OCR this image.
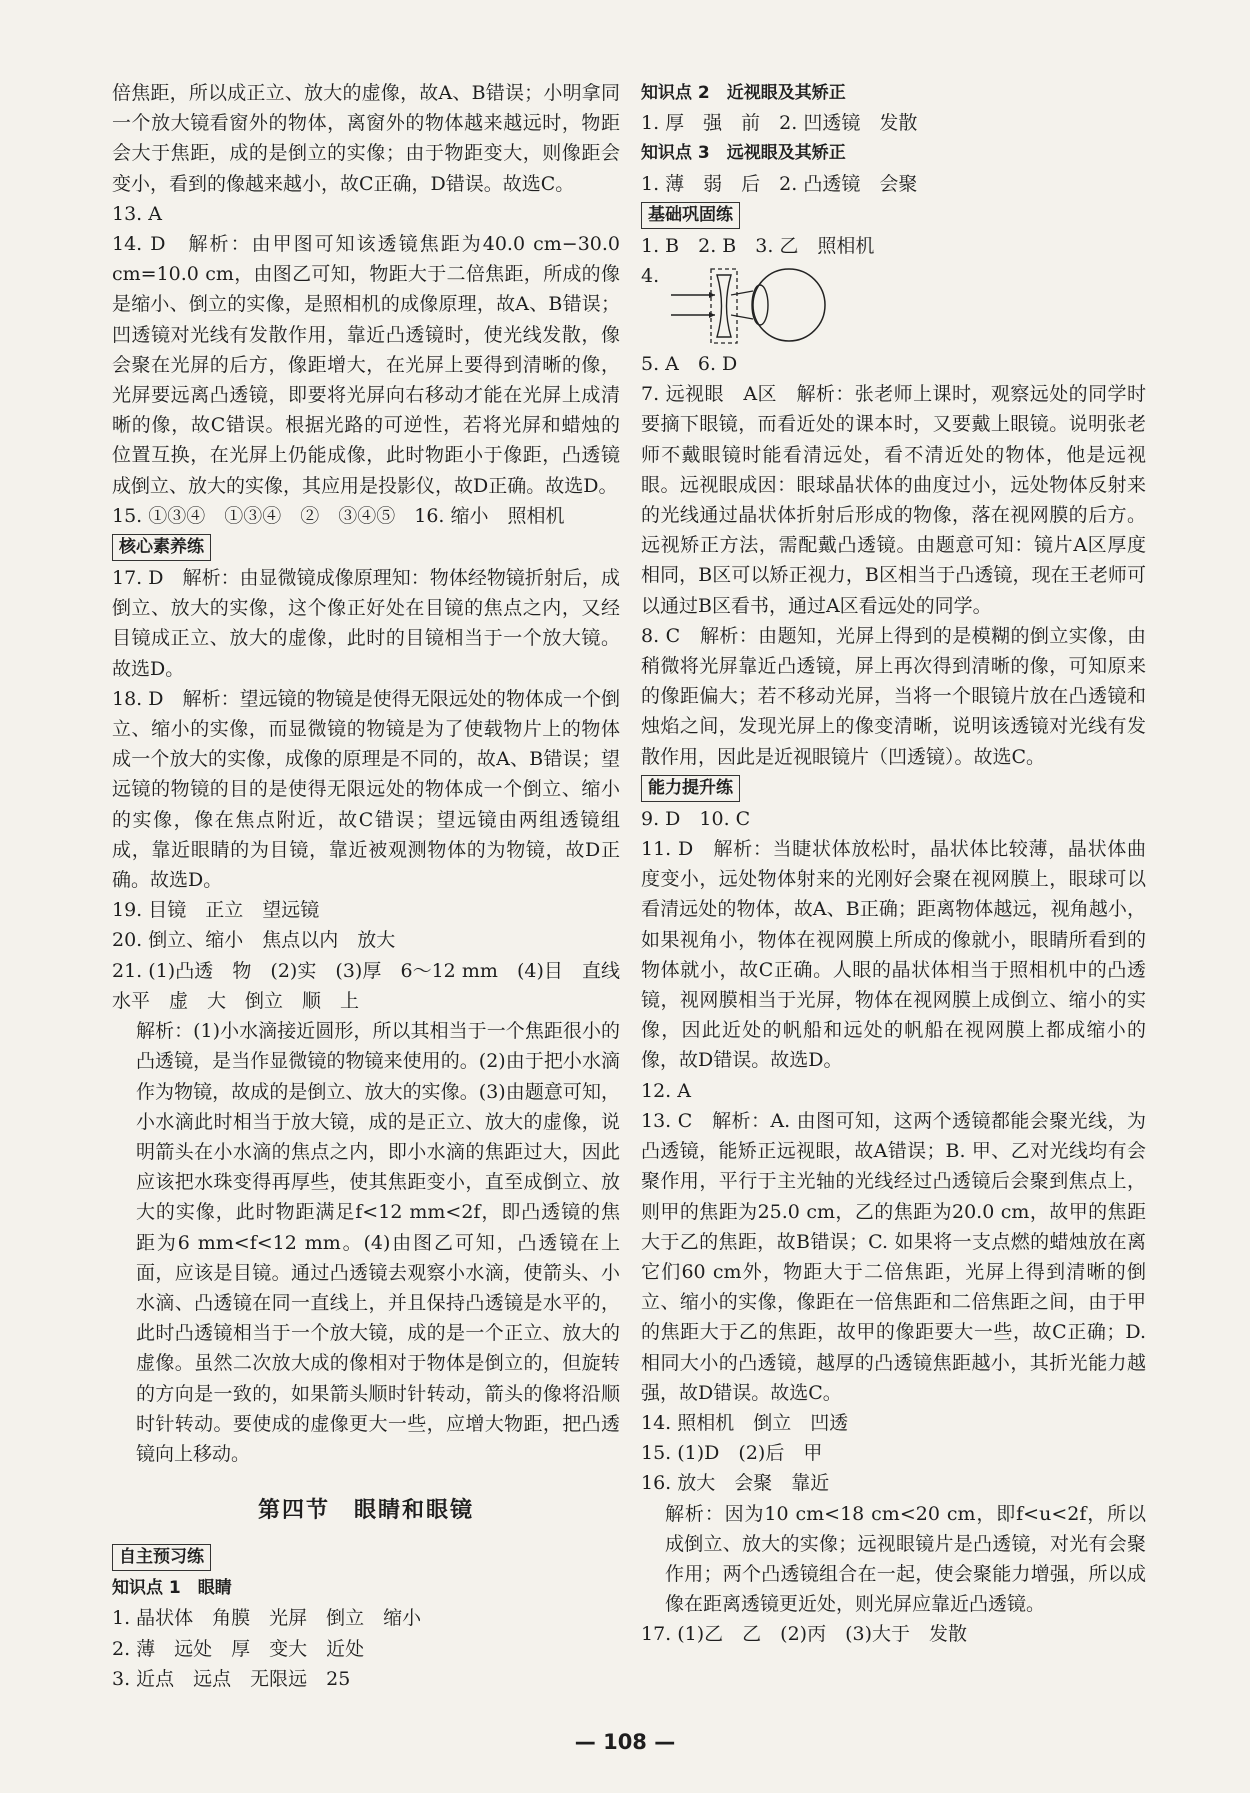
倍焦距，所以成正立、放大的虚像，故A、B错误；小明拿同一个放大镜看窗外的物体，离窗外的物体越来越远时，物距会大于焦距，成的是倒立的实像；由于物距变大，则像距会变小，看到的像越来越小，故C正确，D错误。故选C。

13. A

14. D　解析：由甲图可知该透镜焦距为40.0 cm−30.0 cm=10.0 cm，由图乙可知，物距大于二倍焦距，所成的像是缩小、倒立的实像，是照相机的成像原理，故A、B错误；凹透镜对光线有发散作用，靠近凸透镜时，使光线发散，像会聚在光屏的后方，像距增大，在光屏上要得到清晰的像，光屏要远离凸透镜，即要将光屏向右移动才能在光屏上成清晰的像，故C错误。根据光路的可逆性，若将光屏和蜡烛的位置互换，在光屏上仍能成像，此时物距小于像距，凸透镜成倒立、放大的实像，其应用是投影仪，故D正确。故选D。

15. ①③④　①③④　②　③④⑤　16. 缩小　照相机

核心素养练

17. D　解析：由显微镜成像原理知：物体经物镜折射后，成倒立、放大的实像，这个像正好处在目镜的焦点之内，又经目镜成正立、放大的虚像，此时的目镜相当于一个放大镜。故选D。

18. D　解析：望远镜的物镜是使得无限远处的物体成一个倒立、缩小的实像，而显微镜的物镜是为了使载物片上的物体成一个放大的实像，成像的原理是不同的，故A、B错误；望远镜的物镜的目的是使得无限远处的物体成一个倒立、缩小的实像，像在焦点附近，故C错误；望远镜由两组透镜组成，靠近眼睛的为目镜，靠近被观测物体的为物镜，故D正确。故选D。

19. 目镜　正立　望远镜

20. 倒立、缩小　焦点以内　放大

21. (1)凸透　物　(2)实　(3)厚　6～12 mm　(4)目　直线　水平　虚　大　倒立　顺　上

解析：(1)小水滴接近圆形，所以其相当于一个焦距很小的凸透镜，是当作显微镜的物镜来使用的。(2)由于把小水滴作为物镜，故成的是倒立、放大的实像。(3)由题意可知，小水滴此时相当于放大镜，成的是正立、放大的虚像，说明箭头在小水滴的焦点之内，即小水滴的焦距过大，因此应该把水珠变得再厚些，使其焦距变小，直至成倒立、放大的实像，此时物距满足f<12 mm<2f，即凸透镜的焦距为6 mm<f<12 mm。(4)由图乙可知，凸透镜在上面，应该是目镜。通过凸透镜去观察小水滴，使箭头、小水滴、凸透镜在同一直线上，并且保持凸透镜是水平的，此时凸透镜相当于一个放大镜，成的是一个正立、放大的虚像。虽然二次放大成的像相对于物体是倒立的，但旋转的方向是一致的，如果箭头顺时针转动，箭头的像将沿顺时针转动。要使成的虚像更大一些，应增大物距，把凸透镜向上移动。

第四节　眼睛和眼镜
自主预习练

知识点 1　眼睛

1. 晶状体　角膜　光屏　倒立　缩小

2. 薄　远处　厚　变大　近处

3. 近点　远点　无限远　25

知识点 2　近视眼及其矫正

1. 厚　强　前　2. 凹透镜　发散

知识点 3　远视眼及其矫正

1. 薄　弱　后　2. 凸透镜　会聚

基础巩固练

1. B　2. B　3. 乙　照相机

4.

5. A　6. D

7. 远视眼　A区　解析：张老师上课时，观察远处的同学时要摘下眼镜，而看近处的课本时，又要戴上眼镜。说明张老师不戴眼镜时能看清远处，看不清近处的物体，他是远视眼。远视眼成因：眼球晶状体的曲度过小，远处物体反射来的光线通过晶状体折射后形成的物像，落在视网膜的后方。远视矫正方法，需配戴凸透镜。由题意可知：镜片A区厚度相同，B区可以矫正视力，B区相当于凸透镜，现在王老师可以通过B区看书，通过A区看远处的同学。

8. C　解析：由题知，光屏上得到的是模糊的倒立实像，由稍微将光屏靠近凸透镜，屏上再次得到清晰的像，可知原来的像距偏大；若不移动光屏，当将一个眼镜片放在凸透镜和烛焰之间，发现光屏上的像变清晰，说明该透镜对光线有发散作用，因此是近视眼镜片（凹透镜）。故选C。

能力提升练

9. D　10. C

11. D　解析：当睫状体放松时，晶状体比较薄，晶状体曲度变小，远处物体射来的光刚好会聚在视网膜上，眼球可以看清远处的物体，故A、B正确；距离物体越远，视角越小，如果视角小，物体在视网膜上所成的像就小，眼睛所看到的物体就小，故C正确。人眼的晶状体相当于照相机中的凸透镜，视网膜相当于光屏，物体在视网膜上成倒立、缩小的实像，因此近处的帆船和远处的帆船在视网膜上都成缩小的像，故D错误。故选D。

12. A

13. C　解析：A. 由图可知，这两个透镜都能会聚光线，为凸透镜，能矫正远视眼，故A错误；B. 甲、乙对光线均有会聚作用，平行于主光轴的光线经过凸透镜后会聚到焦点上，则甲的焦距为25.0 cm，乙的焦距为20.0 cm，故甲的焦距大于乙的焦距，故B错误；C. 如果将一支点燃的蜡烛放在离它们60 cm外，物距大于二倍焦距，光屏上得到清晰的倒立、缩小的实像，像距在一倍焦距和二倍焦距之间，由于甲的焦距大于乙的焦距，故甲的像距要大一些，故C正确；D. 相同大小的凸透镜，越厚的凸透镜焦距越小，其折光能力越强，故D错误。故选C。

14. 照相机　倒立　凹透

15. (1)D　(2)后　甲

16. 放大　会聚　靠近

解析：因为10 cm<18 cm<20 cm，即f<u<2f，所以成倒立、放大的实像；远视眼镜片是凸透镜，对光有会聚作用；两个凸透镜组合在一起，使会聚能力增强，所以成像在距离透镜更近处，则光屏应靠近凸透镜。

17. (1)乙　乙　(2)丙　(3)大于　发散

— 108 —
